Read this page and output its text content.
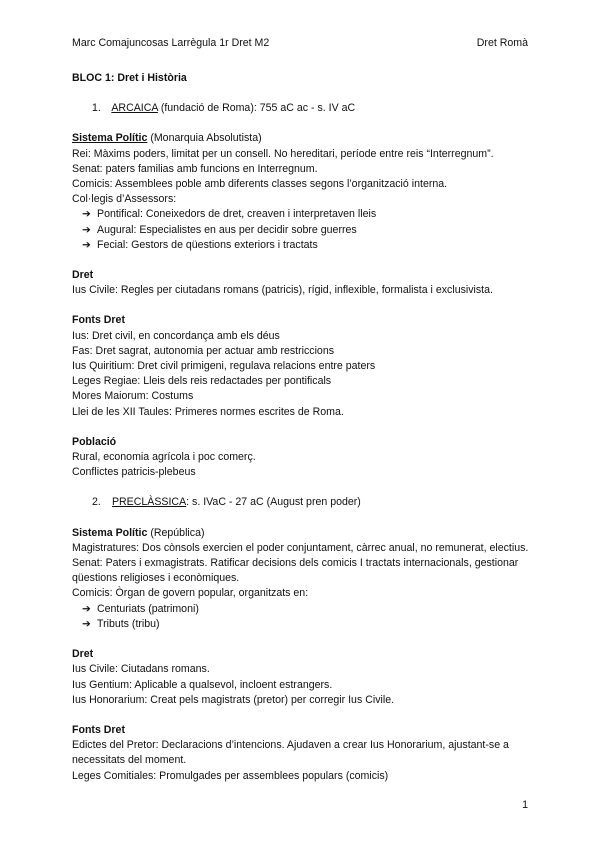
Marc Comajuncosas Larrègula 1r Dret M2	Dret Romà
BLOC 1: Dret i Història
1. ARCAICA (fundació de Roma): 755 aC ac - s. IV aC
Sistema Polític (Monarquia Absolutista)
Rei: Màxims poders, limitat per un consell. No hereditari, període entre reis “Interregnum”.
Senat: paters familias amb funcions en Interregnum.
Comicis: Assemblees poble amb diferents classes segons l’organització interna.
Col·legis d’Assessors:
➔ Pontifical: Coneixedors de dret, creaven i interpretaven lleis
➔ Augural: Especialistes en aus per decidir sobre guerres
➔ Fecial: Gestors de qüestions exteriors i tractats
Dret
Ius Civile: Regles per ciutadans romans (patricis), rígid, inflexible, formalista i exclusivista.
Fonts Dret
Ius: Dret civil, en concordança amb els déus
Fas: Dret sagrat, autonomia per actuar amb restriccions
Ius Quiritium: Dret civil primigeni, regulava relacions entre paters
Leges Regiae: Lleis dels reis redactades per pontificals
Mores Maiorum: Costums
Llei de les XII Taules: Primeres normes escrites de Roma.
Població
Rural, economia agrícola i poc comerç.
Conflictes patricis-plebeus
2. PRECLÀSSICA: s. IVaC - 27 aC (August pren poder)
Sistema Polític (República)
Magistratures: Dos cònsols exercien el poder conjuntament, càrrec anual, no remunerat, electius.
Senat: Paters i exmagistrats. Ratificar decisions dels comicis I tractats internacionals, gestionar qüestions religioses i econòmiques.
Comicis: Òrgan de govern popular, organitzats en:
➔ Centuriats (patrimoni)
➔ Tributs (tribu)
Dret
Ius Civile: Ciutadans romans.
Ius Gentium: Aplicable a qualsevol, incloent estrangers.
Ius Honorarium: Creat pels magistrats (pretor) per corregir Ius Civile.
Fonts Dret
Edictes del Pretor: Declaracions d’intencions. Ajudaven a crear Ius Honorarium, ajustant-se a necessitats del moment.
Leges Comitiales: Promulgades per assemblees populars (comicis)
1
